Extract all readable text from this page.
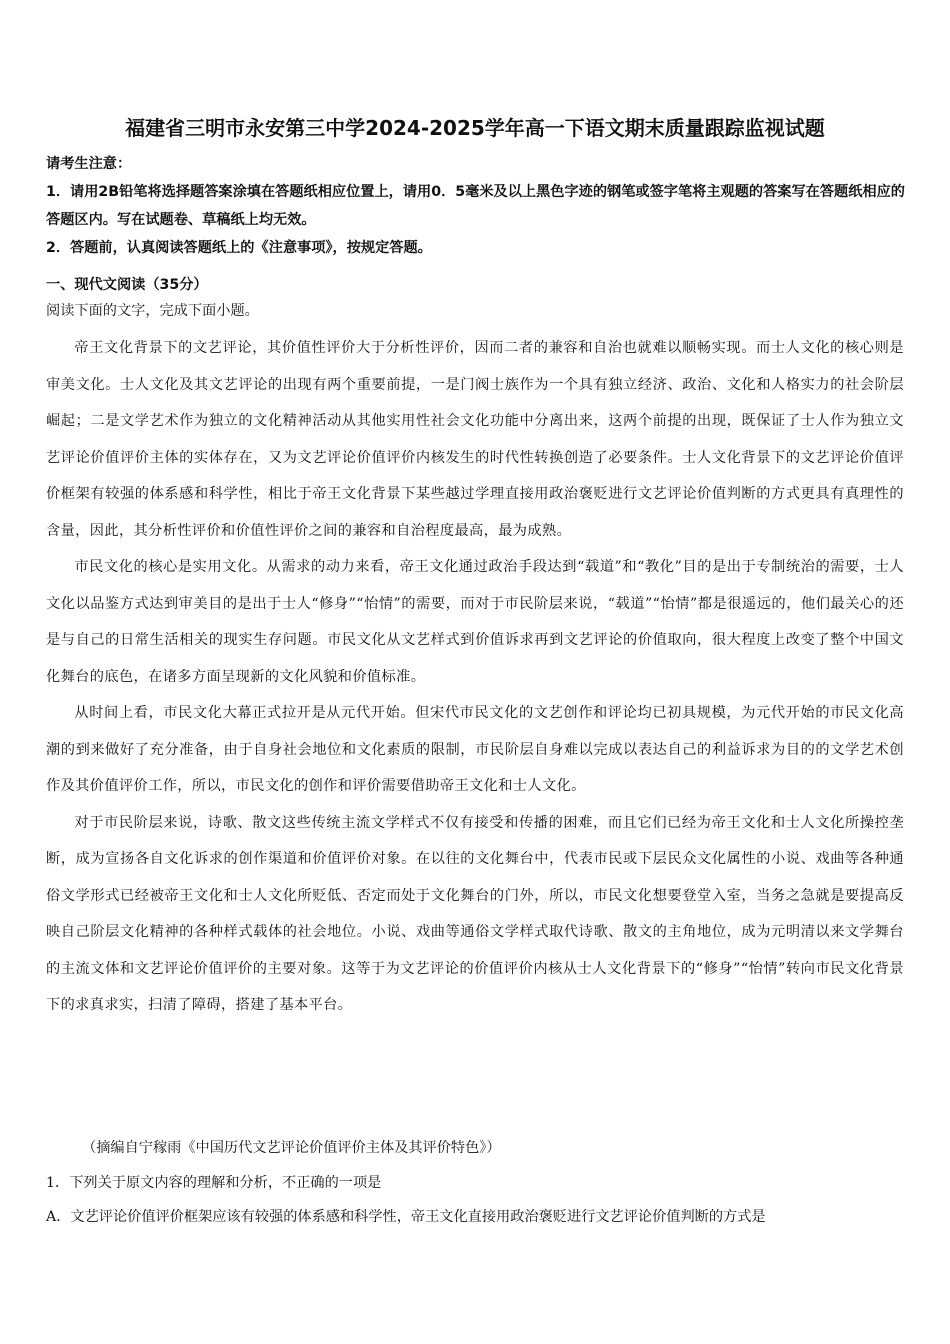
福建省三明市永安第三中学2024-2025学年高一下语文期末质量跟踪监视试题

请考生注意：

1．请用2B铅笔将选择题答案涂填在答题纸相应位置上，请用0．5毫米及以上黑色字迹的钢笔或签字笔将主观题的答案写在答题纸相应的答题区内。写在试题卷、草稿纸上均无效。

2．答题前，认真阅读答题纸上的《注意事项》，按规定答题。

一、现代文阅读（35分）
阅读下面的文字，完成下面小题。

帝王文化背景下的文艺评论，其价值性评价大于分析性评价，因而二者的兼容和自治也就难以顺畅实现。而士人文化的核心则是审美文化。士人文化及其文艺评论的出现有两个重要前提，一是门阀士族作为一个具有独立经济、政治、文化和人格实力的社会阶层崛起；二是文学艺术作为独立的文化精神活动从其他实用性社会文化功能中分离出来，这两个前提的出现，既保证了士人作为独立文艺评论价值评价主体的实体存在，又为文艺评论价值评价内核发生的时代性转换创造了必要条件。士人文化背景下的文艺评论价值评价框架有较强的体系感和科学性，相比于帝王文化背景下某些越过学理直接用政治褒贬进行文艺评论价值判断的方式更具有真理性的含量，因此，其分析性评价和价值性评价之间的兼容和自治程度最高，最为成熟。

市民文化的核心是实用文化。从需求的动力来看，帝王文化通过政治手段达到“载道”和“教化”目的是出于专制统治的需要，士人文化以品鉴方式达到审美目的是出于士人“修身”“怡情”的需要，而对于市民阶层来说，“载道”“怡情”都是很遥远的，他们最关心的还是与自己的日常生活相关的现实生存问题。市民文化从文艺样式到价值诉求再到文艺评论的价值取向，很大程度上改变了整个中国文化舞台的底色，在诸多方面呈现新的文化风貌和价值标准。

从时间上看，市民文化大幕正式拉开是从元代开始。但宋代市民文化的文艺创作和评论均已初具规模，为元代开始的市民文化高潮的到来做好了充分准备，由于自身社会地位和文化素质的限制，市民阶层自身难以完成以表达自己的利益诉求为目的的文学艺术创作及其价值评价工作，所以，市民文化的创作和评价需要借助帝王文化和士人文化。

对于市民阶层来说，诗歌、散文这些传统主流文学样式不仅有接受和传播的困难，而且它们已经为帝王文化和士人文化所操控垄断，成为宣扬各自文化诉求的创作渠道和价值评价对象。在以往的文化舞台中，代表市民或下层民众文化属性的小说、戏曲等各种通俗文学形式已经被帝王文化和士人文化所贬低、否定而处于文化舞台的门外，所以，市民文化想要登堂入室，当务之急就是要提高反映自己阶层文化精神的各种样式载体的社会地位。小说、戏曲等通俗文学样式取代诗歌、散文的主角地位，成为元明清以来文学舞台的主流文体和文艺评论价值评价的主要对象。这等于为文艺评论的价值评价内核从士人文化背景下的“修身”“怡情”转向市民文化背景下的求真求实，扫清了障碍，搭建了基本平台。

（摘编自宁稼雨《中国历代文艺评论价值评价主体及其评价特色》）
1．下列关于原文内容的理解和分析，不正确的一项是
A．文艺评论价值评价框架应该有较强的体系感和科学性，帝王文化直接用政治褒贬进行文艺评论价值判断的方式是
